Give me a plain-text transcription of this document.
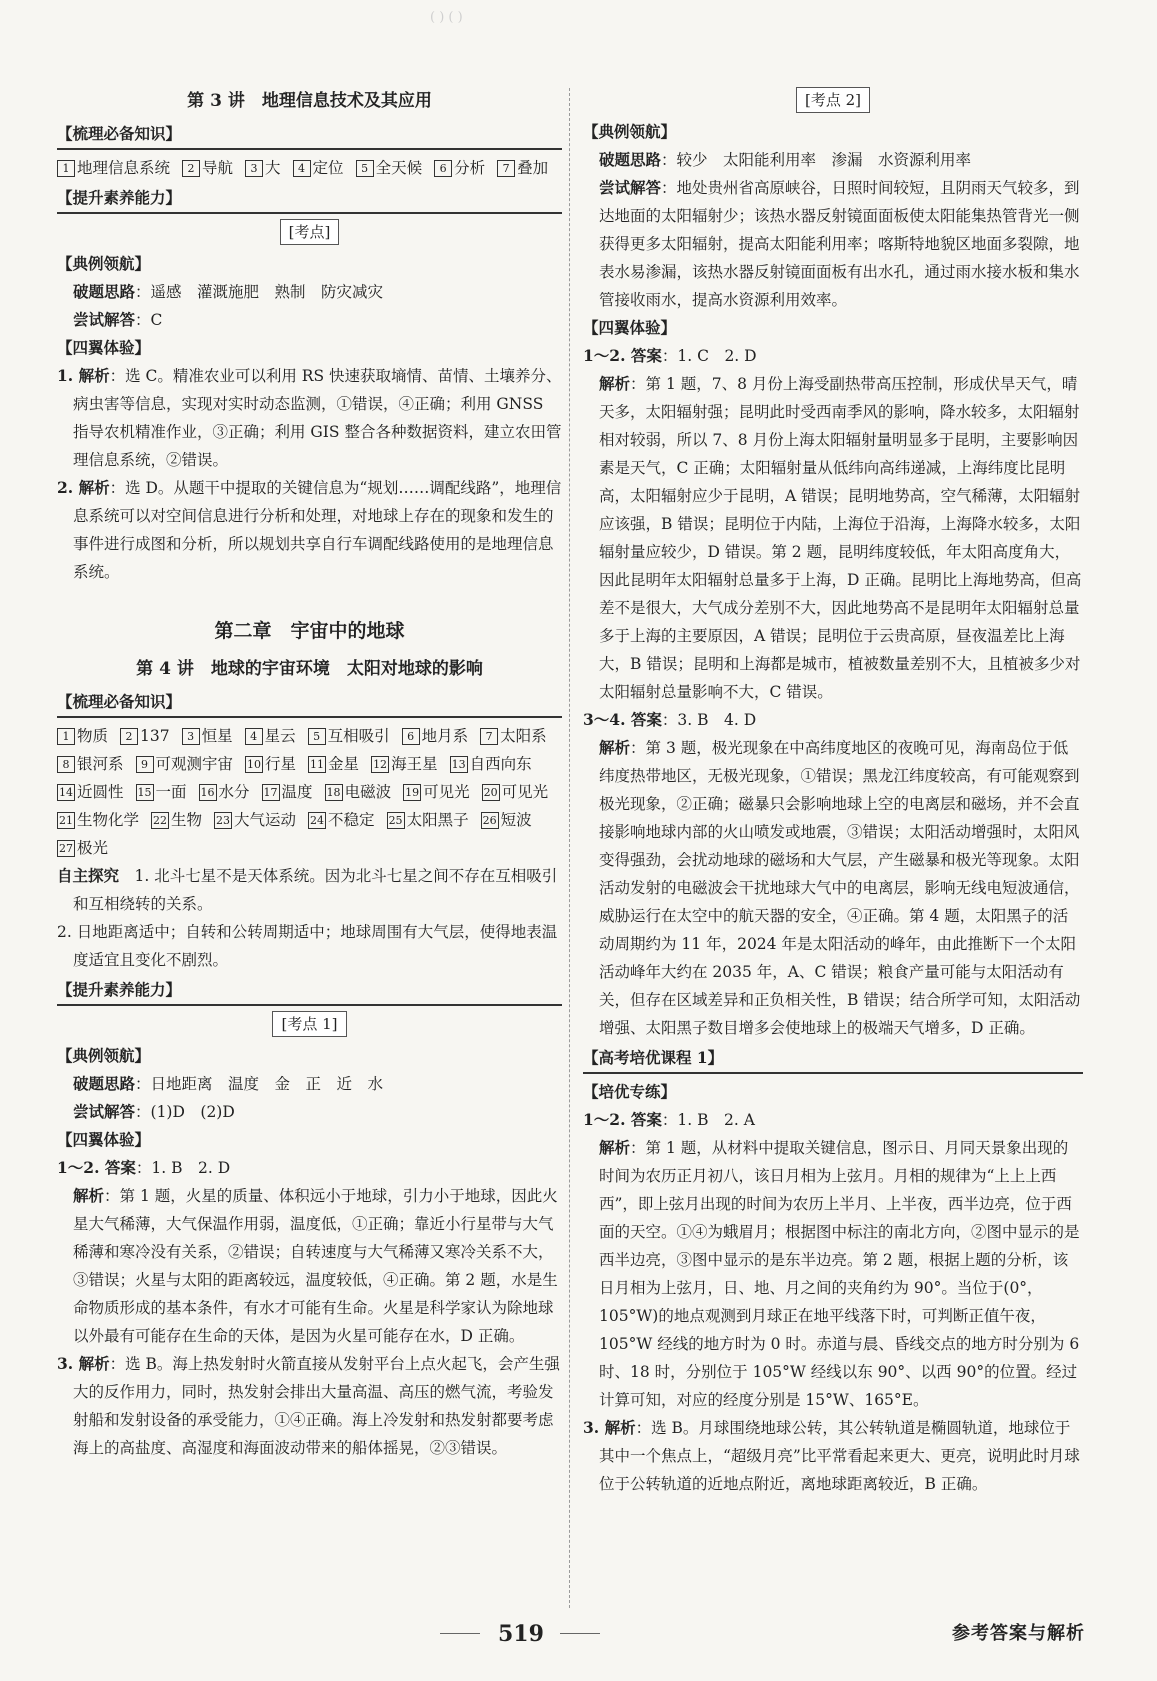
( ) ( )
第 3 讲　地理信息技术及其应用
【梳理必备知识】
1 地理信息系统 2 导航 3 大 4 定位 5 全天候 6 分析 7 叠加
【提升素养能力】
[考点]
【典例领航】
破题思路：遥感　灌溉施肥　熟制　防灾减灾
尝试解答：C
【四翼体验】
1. 解析：选 C。精准农业可以利用 RS 快速获取墒情、苗情、土壤养分、病虫害等信息，实现对实时动态监测，①错误，④正确；利用 GNSS 指导农机精准作业，③正确；利用 GIS 整合各种数据资料，建立农田管理信息系统，②错误。
2. 解析：选 D。从题干中提取的关键信息为“规划……调配线路”，地理信息系统可以对空间信息进行分析和处理，对地球上存在的现象和发生的事件进行成图和分析，所以规划共享自行车调配线路使用的是地理信息系统。
第二章　宇宙中的地球
第 4 讲　地球的宇宙环境　太阳对地球的影响
【梳理必备知识】
1 物质 2 137 3 恒星 4 星云 5 互相吸引 6 地月系 7 太阳系8 银河系 9 可观测宇宙 10 行星 11 金星 12 海王星 13 自西向东14 近圆性 15 一面 16 水分 17 温度 18 电磁波 19 可见光 20 可见光21 生物化学 22 生物 23 大气运动 24 不稳定 25 太阳黑子 26 短波27 极光
自主探究　 1. 北斗七星不是天体系统。因为北斗七星之间不存在互相吸引和互相绕转的关系。
2. 日地距离适中；自转和公转周期适中；地球周围有大气层，使得地表温度适宜且变化不剧烈。
【提升素养能力】
[考点 1]
【典例领航】
破题思路：日地距离　温度　金　正　近　水
尝试解答：(1)D　(2)D
【四翼体验】
1～2. 答案：1. B　2. D
解析：第 1 题，火星的质量、体积远小于地球，引力小于地球，因此火星大气稀薄，大气保温作用弱，温度低，①正确；靠近小行星带与大气稀薄和寒冷没有关系，②错误；自转速度与大气稀薄又寒冷关系不大，③错误；火星与太阳的距离较远，温度较低，④正确。第 2 题，水是生命物质形成的基本条件，有水才可能有生命。火星是科学家认为除地球以外最有可能存在生命的天体，是因为火星可能存在水，D 正确。
3. 解析：选 B。海上热发射时火箭直接从发射平台上点火起飞，会产生强大的反作用力，同时，热发射会排出大量高温、高压的燃气流，考验发射船和发射设备的承受能力，①④正确。海上冷发射和热发射都要考虑海上的高盐度、高湿度和海面波动带来的船体摇晃，②③错误。
[考点 2]
【典例领航】
破题思路：较少　太阳能利用率　渗漏　水资源利用率
尝试解答：地处贵州省高原峡谷，日照时间较短，且阴雨天气较多，到达地面的太阳辐射少；该热水器反射镜面面板使太阳能集热管背光一侧获得更多太阳辐射，提高太阳能利用率；喀斯特地貌区地面多裂隙，地表水易渗漏，该热水器反射镜面面板有出水孔，通过雨水接水板和集水管接收雨水，提高水资源利用效率。
【四翼体验】
1～2. 答案：1. C　2. D
解析：第 1 题，7、8 月份上海受副热带高压控制，形成伏旱天气，晴天多，太阳辐射强；昆明此时受西南季风的影响，降水较多，太阳辐射相对较弱，所以 7、8 月份上海太阳辐射量明显多于昆明，主要影响因素是天气，C 正确；太阳辐射量从低纬向高纬递减，上海纬度比昆明高，太阳辐射应少于昆明，A 错误；昆明地势高，空气稀薄，太阳辐射应该强，B 错误；昆明位于内陆，上海位于沿海，上海降水较多，太阳辐射量应较少，D 错误。第 2 题，昆明纬度较低，年太阳高度角大，因此昆明年太阳辐射总量多于上海，D 正确。昆明比上海地势高，但高差不是很大，大气成分差别不大，因此地势高不是昆明年太阳辐射总量多于上海的主要原因，A 错误；昆明位于云贵高原，昼夜温差比上海大，B 错误；昆明和上海都是城市，植被数量差别不大，且植被多少对太阳辐射总量影响不大，C 错误。
3～4. 答案：3. B　4. D
解析：第 3 题，极光现象在中高纬度地区的夜晚可见，海南岛位于低纬度热带地区，无极光现象，①错误；黑龙江纬度较高，有可能观察到极光现象，②正确；磁暴只会影响地球上空的电离层和磁场，并不会直接影响地球内部的火山喷发或地震，③错误；太阳活动增强时，太阳风变得强劲，会扰动地球的磁场和大气层，产生磁暴和极光等现象。太阳活动发射的电磁波会干扰地球大气中的电离层，影响无线电短波通信，威胁运行在太空中的航天器的安全，④正确。第 4 题，太阳黑子的活动周期约为 11 年，2024 年是太阳活动的峰年，由此推断下一个太阳活动峰年大约在 2035 年，A、C 错误；粮食产量可能与太阳活动有关，但存在区域差异和正负相关性，B 错误；结合所学可知，太阳活动增强、太阳黑子数目增多会使地球上的极端天气增多，D 正确。
【高考培优课程 1】
【培优专练】
1～2. 答案：1. B　2. A
解析：第 1 题，从材料中提取关键信息，图示日、月同天景象出现的时间为农历正月初八，该日月相为上弦月。月相的规律为“上上上西西”，即上弦月出现的时间为农历上半月、上半夜，西半边亮，位于西面的天空。①④为蛾眉月；根据图中标注的南北方向，②图中显示的是西半边亮，③图中显示的是东半边亮。第 2 题，根据上题的分析，该日月相为上弦月，日、地、月之间的夹角约为 90°。当位于(0°，105°W)的地点观测到月球正在地平线落下时，可判断正值午夜，105°W 经线的地方时为 0 时。赤道与晨、昏线交点的地方时分别为 6 时、18 时，分别位于 105°W 经线以东 90°、以西 90°的位置。经过计算可知，对应的经度分别是 15°W、165°E。
3. 解析：选 B。月球围绕地球公转，其公转轨道是椭圆轨道，地球位于其中一个焦点上，“超级月亮”比平常看起来更大、更亮，说明此时月球位于公转轨道的近地点附近，离地球距离较近，B 正确。
519	参考答案与解析
